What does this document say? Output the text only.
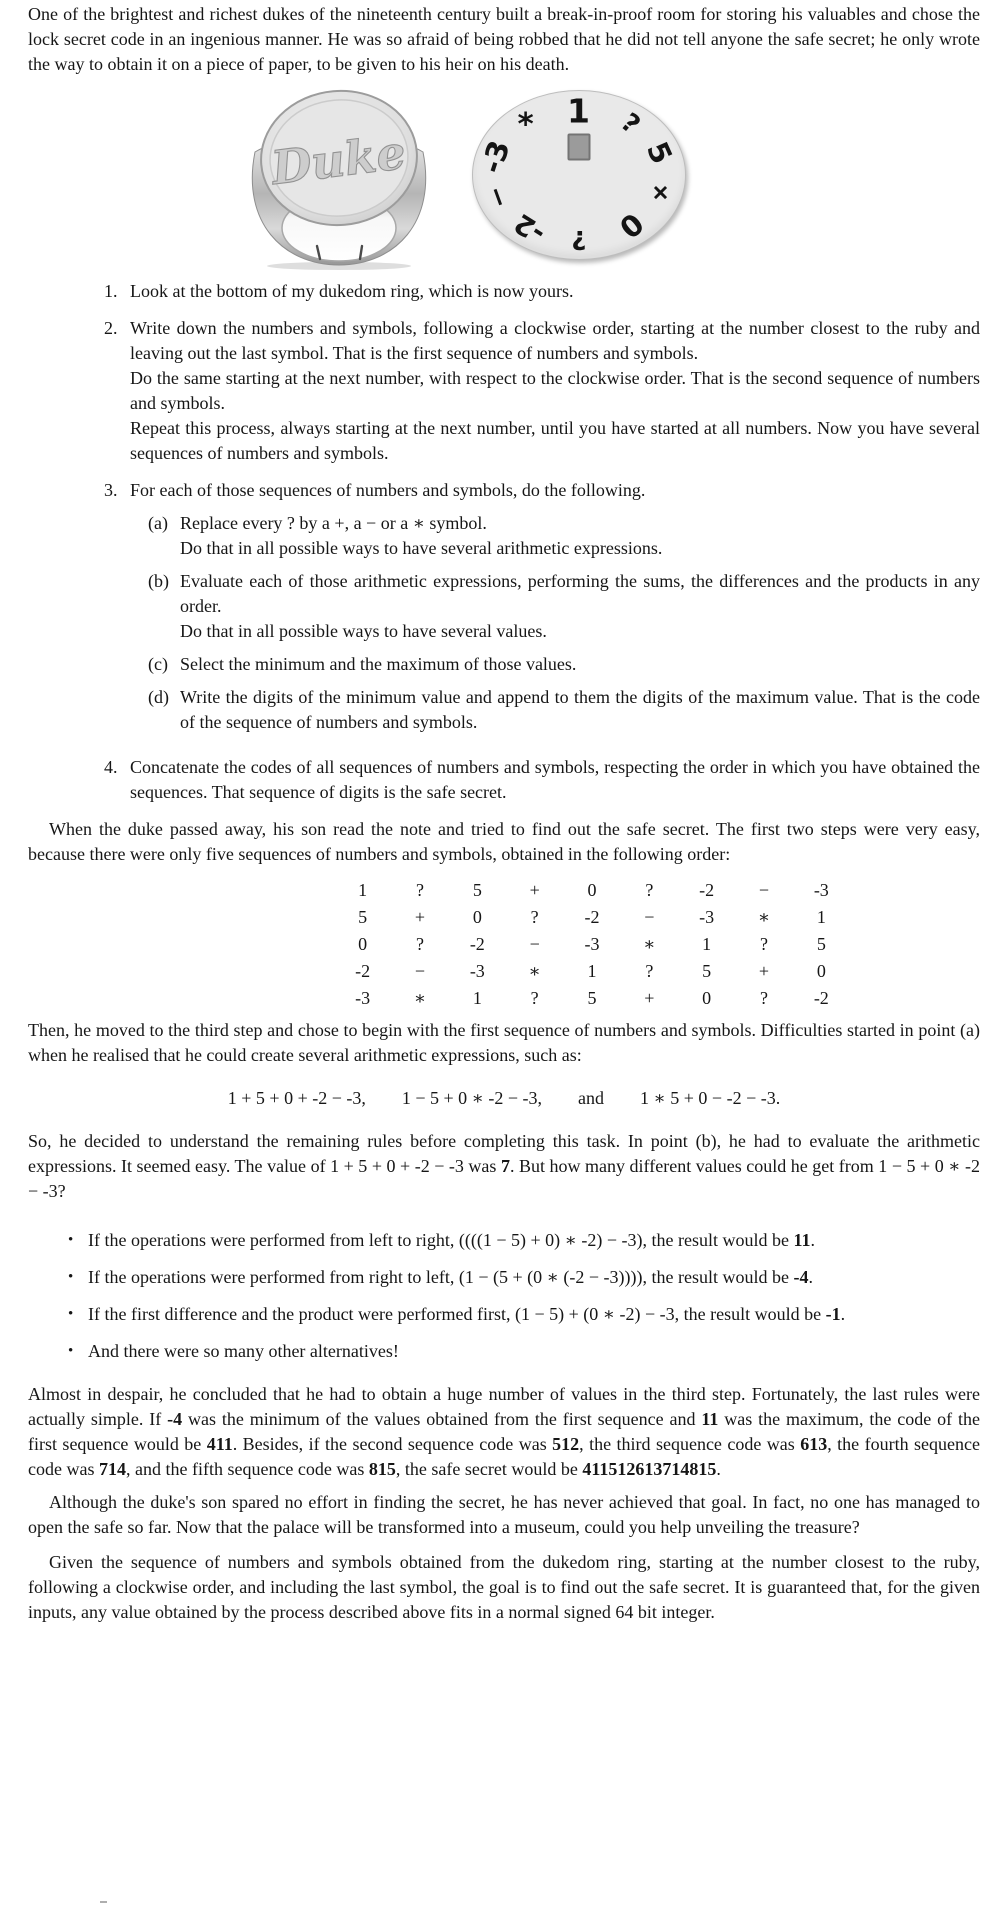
One of the brightest and richest dukes of the nineteenth century built a break-in-proof room for storing his valuables and chose the lock secret code in an ingenious manner. He was so afraid of being robbed that he did not tell anyone the safe secret; he only wrote the way to obtain it on a piece of paper, to be given to his heir on his death.

Duke
1 ?
5
+
0
?
-2
−
-3
*
1. Look at the bottom of my dukedom ring, which is now yours.

2. Write down the numbers and symbols, following a clockwise order, starting at the number closest to the ruby and leaving out the last symbol. That is the first sequence of numbers and symbols.

Do the same starting at the next number, with respect to the clockwise order. That is the second sequence of numbers and symbols.

Repeat this process, always starting at the next number, until you have started at all numbers. Now you have several sequences of numbers and symbols.

3. For each of those sequences of numbers and symbols, do the following.

(a) Replace every ? by a +, a − or a ∗ symbol.

Do that in all possible ways to have several arithmetic expressions.

(b) Evaluate each of those arithmetic expressions, performing the sums, the differences and the products in any order.

Do that in all possible ways to have several values.

(c) Select the minimum and the maximum of those values.

(d) Write the digits of the minimum value and append to them the digits of the maximum value. That is the code of the sequence of numbers and symbols.

4. Concatenate the codes of all sequences of numbers and symbols, respecting the order in which you have obtained the sequences. That sequence of digits is the safe secret.

When the duke passed away, his son read the note and tried to find out the safe secret. The first two steps were very easy, because there were only five sequences of numbers and symbols, obtained in the following order:

1	?	5	+	0	?	-2	−	-3
5	+	0	?	-2	−	-3	∗	1
0	?	-2	−	-3	∗	1	?	5
-2	−	-3	∗	1	?	5	+	0
-3	∗	1	?	5	+	0	?	-2

Then, he moved to the third step and chose to begin with the first sequence of numbers and symbols. Difficulties started in point (a) when he realised that he could create several arithmetic expressions, such as:

1 + 5 + 0 + -2 − -3, 1 − 5 + 0 ∗ -2 − -3, and 1 ∗ 5 + 0 − -2 − -3.

So, he decided to understand the remaining rules before completing this task. In point (b), he had to evaluate the arithmetic expressions. It seemed easy. The value of 1 + 5 + 0 + -2 − -3 was 7. But how many different values could he get from 1 − 5 + 0 ∗ -2 − -3?

• If the operations were performed from left to right, ((((1 − 5) + 0) ∗ -2) − -3), the result would be 11.
• If the operations were performed from right to left, (1 − (5 + (0 ∗ (-2 − -3)))), the result would be -4.
• If the first difference and the product were performed first, (1 − 5) + (0 ∗ -2) − -3, the result would be -1.
• And there were so many other alternatives!

Almost in despair, he concluded that he had to obtain a huge number of values in the third step. Fortunately, the last rules were actually simple. If -4 was the minimum of the values obtained from the first sequence and 11 was the maximum, the code of the first sequence would be 411. Besides, if the second sequence code was 512, the third sequence code was 613, the fourth sequence code was 714, and the fifth sequence code was 815, the safe secret would be 411512613714815.

Although the duke's son spared no effort in finding the secret, he has never achieved that goal. In fact, no one has managed to open the safe so far. Now that the palace will be transformed into a museum, could you help unveiling the treasure?

Given the sequence of numbers and symbols obtained from the dukedom ring, starting at the number closest to the ruby, following a clockwise order, and including the last symbol, the goal is to find out the safe secret. It is guaranteed that, for the given inputs, any value obtained by the process described above fits in a normal signed 64 bit integer.
